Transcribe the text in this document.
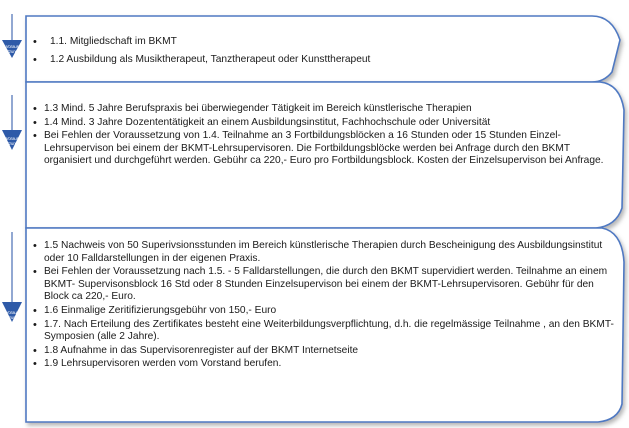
Voraus-
setzungen
Voraus-
setzungen
Voraus-
setzungen
• 1.1. Mitgliedschaft im BKMT
• 1.2 Ausbildung als Musiktherapeut, Tanztherapeut oder Kunsttherapeut
• 1.3 Mind. 5 Jahre Berufspraxis bei überwiegender Tätigkeit im Bereich künstlerische Therapien
• 1.4 Mind. 3 Jahre Dozententätigkeit an einem Ausbildungsinstitut, Fachhochschule oder Universität
• Bei Fehlen der Voraussetzung von 1.4. Teilnahme an 3 Fortbildungsblöcken a 16 Stunden oder 15 Stunden Einzel- Lehrsupervison bei einem der BKMT-Lehrsupervisoren. Die Fortbildungsblöcke werden bei Anfrage durch den BKMT organisiert und durchgeführt werden. Gebühr ca 220,- Euro pro Fortbildungsblock. Kosten der Einzelsupervison bei Anfrage.
• 1.5 Nachweis von 50 Superivsionsstunden im Bereich künstlerische Therapien durch Bescheinigung des Ausbildungsinstitut oder 10 Falldarstellungen in der eigenen Praxis.
• Bei Fehlen der Voraussetzung nach 1.5. - 5 Falldarstellungen, die durch den BKMT supervidiert werden. Teilnahme an einem BKMT- Supervisonsblock 16 Std oder 8 Stunden Einzelsupervison bei einem der BKMT-Lehrsupervisoren. Gebühr für den Block ca 220,- Euro.
• 1.6 Einmalige Zeritifizierungsgebühr von 150,- Euro
• 1.7. Nach Erteilung des Zertifikates besteht eine Weiterbildungsverpflichtung, d.h. die regelmässige Teilnahme , an den BKMT-Symposien (alle 2 Jahre).
• 1.8 Aufnahme in das Supervisorenregister auf der BKMT Internetseite
• 1.9 Lehrsupervisoren werden vom Vorstand berufen.
